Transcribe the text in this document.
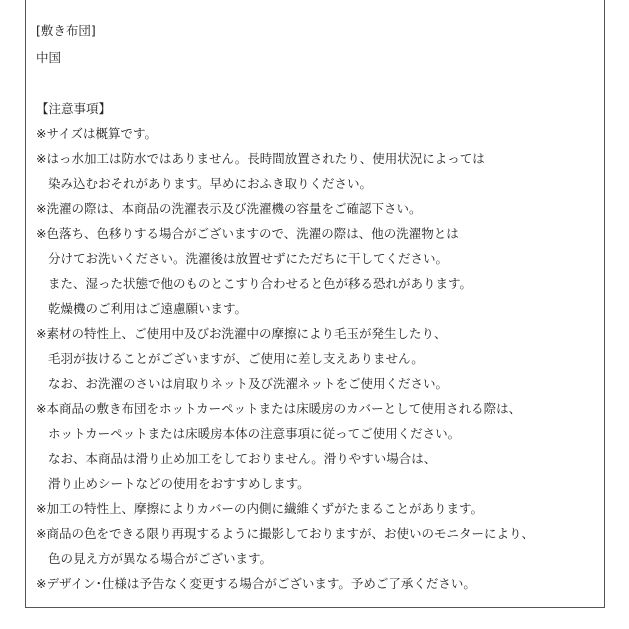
[敷き布団]
中国
【注意事項】
※サイズは概算です。
※はっ水加工は防水ではありません。長時間放置されたり、使用状況によっては
染み込むおそれがあります。早めにおふき取りください。
※洗濯の際は、本商品の洗濯表示及び洗濯機の容量をご確認下さい。
※色落ち、色移りする場合がございますので、洗濯の際は、他の洗濯物とは
分けてお洗いください。洗濯後は放置せずにただちに干してください。
また、湿った状態で他のものとこすり合わせると色が移る恐れがあります。
乾燥機のご利用はご遠慮願います。
※素材の特性上、ご使用中及びお洗濯中の摩擦により毛玉が発生したり、
毛羽が抜けることがございますが、ご使用に差し支えありません。
なお、お洗濯のさいは肩取りネット及び洗濯ネットをご使用ください。
※本商品の敷き布団をホットカーペットまたは床暖房のカバーとして使用される際は、
ホットカーペットまたは床暖房本体の注意事項に従ってご使用ください。
なお、本商品は滑り止め加工をしておりません。滑りやすい場合は、
滑り止めシートなどの使用をおすすめします。
※加工の特性上、摩擦によりカバーの内側に繊維くずがたまることがあります。
※商品の色をできる限り再現するように撮影しておりますが、お使いのモニターにより、
色の見え方が異なる場合がございます。
※デザイン･仕様は予告なく変更する場合がございます。予めご了承ください。
